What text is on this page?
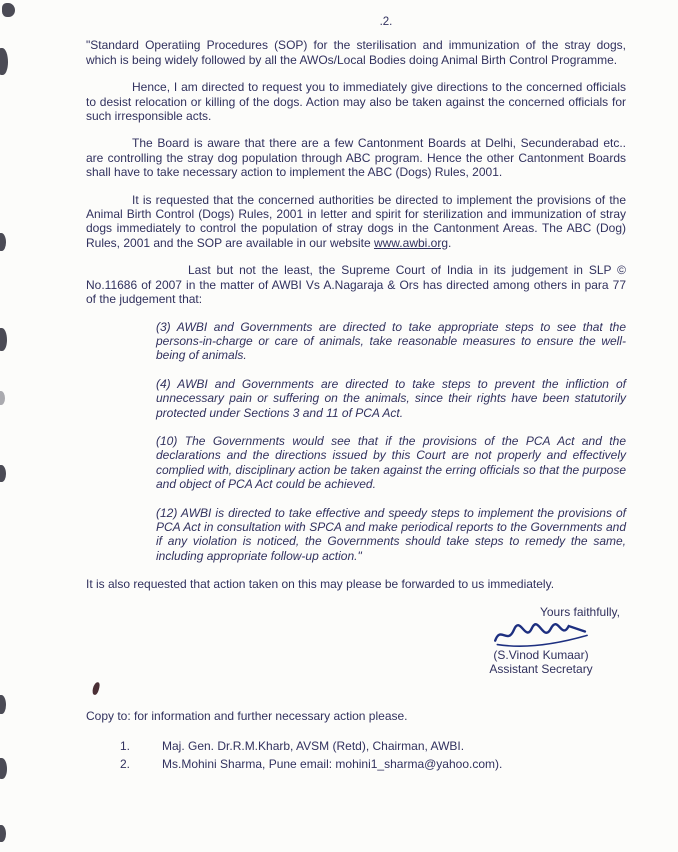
.2.

"Standard Operatiing Procedures (SOP) for the sterilisation and immunization of the stray dogs, which is being widely followed by all the AWOs/Local Bodies doing Animal Birth Control Programme.

Hence, I am directed to request you to immediately give directions to the concerned officials to desist relocation or killing of the dogs. Action may also be taken against the concerned officials for such irresponsible acts.

The Board is aware that there are a few Cantonment Boards at Delhi, Secunderabad etc.. are controlling the stray dog population through ABC program. Hence the other Cantonment Boards shall have to take necessary action to implement the ABC (Dogs) Rules, 2001.

It is requested that the concerned authorities be directed to implement the provisions of the Animal Birth Control (Dogs) Rules, 2001 in letter and spirit for sterilization and immunization of stray dogs immediately to control the population of stray dogs in the Cantonment Areas. The ABC (Dog) Rules, 2001 and the SOP are available in our website www.awbi.org.

Last but not the least, the Supreme Court of India in its judgement in SLP © No.11686 of 2007 in the matter of AWBI Vs A.Nagaraja & Ors has directed among others in para 77 of the judgement that:

(3) AWBI and Governments are directed to take appropriate steps to see that the persons-in-charge or care of animals, take reasonable measures to ensure the well-being of animals.
(4) AWBI and Governments are directed to take steps to prevent the infliction of unnecessary pain or suffering on the animals, since their rights have been statutorily protected under Sections 3 and 11 of PCA Act.
(10) The Governments would see that if the provisions of the PCA Act and the declarations and the directions issued by this Court are not properly and effectively complied with, disciplinary action be taken against the erring officials so that the purpose and object of PCA Act could be achieved.
(12) AWBI is directed to take effective and speedy steps to implement the provisions of PCA Act in consultation with SPCA and make periodical reports to the Governments and if any violation is noticed, the Governments should take steps to remedy the same, including appropriate follow-up action."

It is also requested that action taken on this may please be forwarded to us immediately.

Yours faithfully,
(S.Vinod Kumaar)
Assistant Secretary

Copy to: for information and further necessary action please.

1.	Maj. Gen. Dr.R.M.Kharb, AVSM (Retd), Chairman, AWBI.
2.	Ms.Mohini Sharma, Pune email: mohini1_sharma@yahoo.com).
